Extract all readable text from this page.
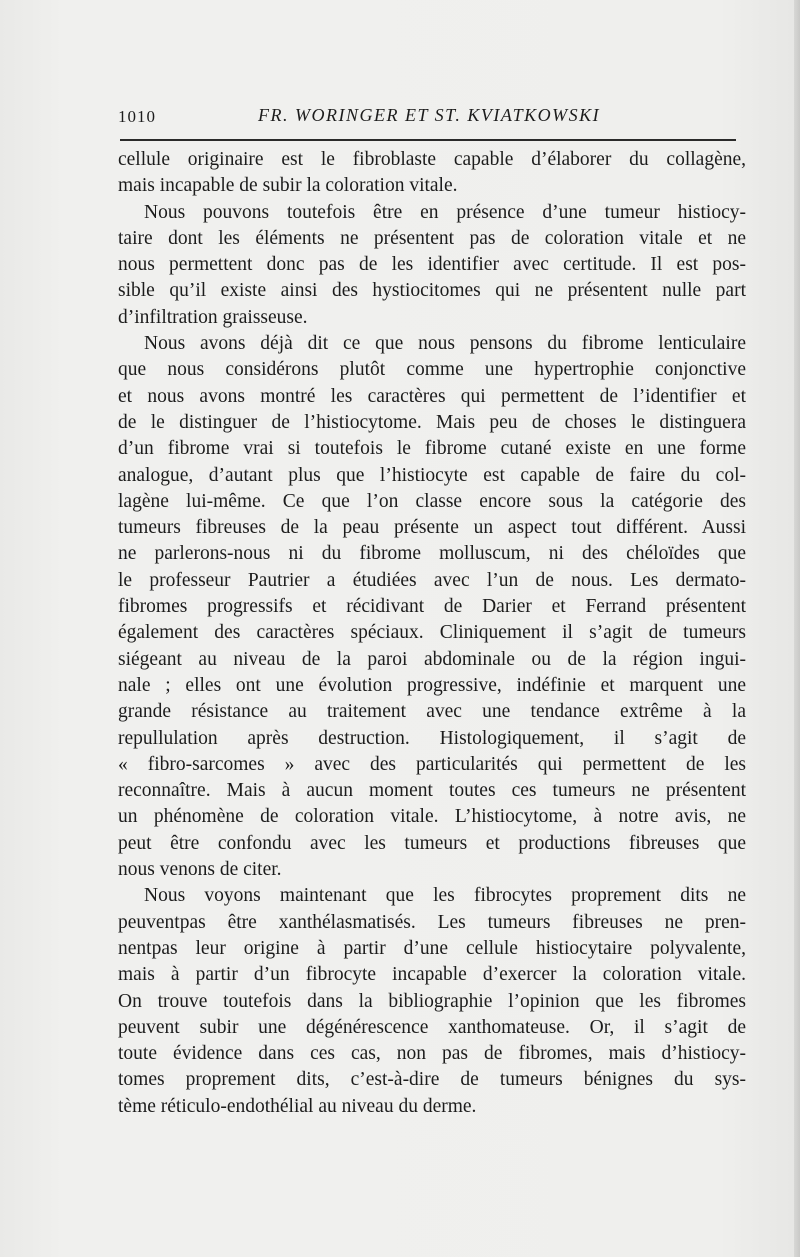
1010	FR. WORINGER ET ST. KVIATKOWSKI
cellule originaire est le fibroblaste capable d’élaborer du collagène,
mais incapable de subir la coloration vitale.
Nous pouvons toutefois être en présence d’une tumeur histiocy-
taire dont les éléments ne présentent pas de coloration vitale et ne
nous permettent donc pas de les identifier avec certitude. Il est pos-
sible qu’il existe ainsi des hystiocitomes qui ne présentent nulle part
d’infiltration graisseuse.
Nous avons déjà dit ce que nous pensons du fibrome lenticulaire
que nous considérons plutôt comme une hypertrophie conjonctive
et nous avons montré les caractères qui permettent de l’identifier et
de le distinguer de l’histiocytome. Mais peu de choses le distinguera
d’un fibrome vrai si toutefois le fibrome cutané existe en une forme
analogue, d’autant plus que l’histiocyte est capable de faire du col-
lagène lui-même. Ce que l’on classe encore sous la catégorie des
tumeurs fibreuses de la peau présente un aspect tout différent. Aussi
ne parlerons-nous ni du fibrome molluscum, ni des chéloïdes que
le professeur Pautrier a étudiées avec l’un de nous. Les dermato-
fibromes progressifs et récidivant de Darier et Ferrand présentent
également des caractères spéciaux. Cliniquement il s’agit de tumeurs
siégeant au niveau de la paroi abdominale ou de la région ingui-
nale ; elles ont une évolution progressive, indéfinie et marquent une
grande résistance au traitement avec une tendance extrême à la
repullulation après destruction. Histologiquement, il s’agit de
« fibro-sarcomes » avec des particularités qui permettent de les
reconnaître. Mais à aucun moment toutes ces tumeurs ne présentent
un phénomène de coloration vitale. L’histiocytome, à notre avis, ne
peut être confondu avec les tumeurs et productions fibreuses que
nous venons de citer.
Nous voyons maintenant que les fibrocytes proprement dits ne
peuventpas être xanthélasmatisés. Les tumeurs fibreuses ne pren-
nentpas leur origine à partir d’une cellule histiocytaire polyvalente,
mais à partir d’un fibrocyte incapable d’exercer la coloration vitale.
On trouve toutefois dans la bibliographie l’opinion que les fibromes
peuvent subir une dégénérescence xanthomateuse. Or, il s’agit de
toute évidence dans ces cas, non pas de fibromes, mais d’histiocy-
tomes proprement dits, c’est-à-dire de tumeurs bénignes du sys-
tème réticulo-endothélial au niveau du derme.
